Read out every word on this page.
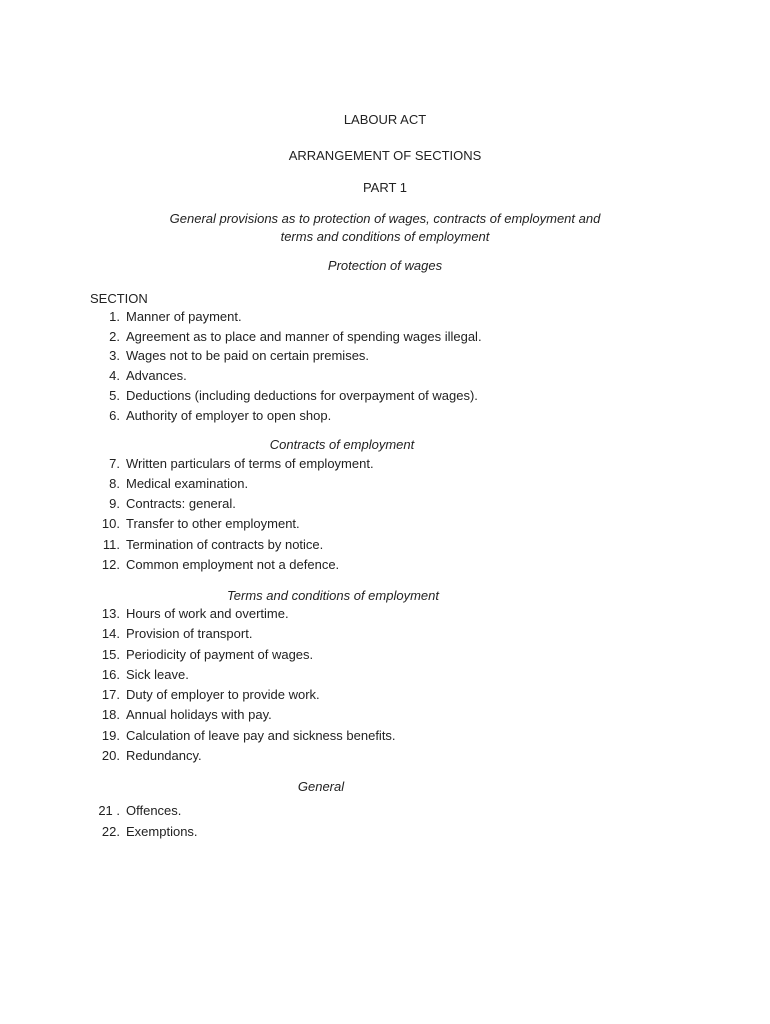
LABOUR ACT
ARRANGEMENT OF SECTIONS
PART 1
General provisions as to protection of wages, contracts of employment and
terms and conditions of employment
Protection of wages
SECTION
1. Manner of payment.
2. Agreement as to place and manner of spending wages illegal.
3. Wages not to be paid on certain premises.
4. Advances.
5. Deductions (including deductions for overpayment of wages).
6. Authority of employer to open shop.
Contracts of employment
7. Written particulars of terms of employment.
8. Medical examination.
9. Contracts: general.
10. Transfer to other employment.
11. Termination of contracts by notice.
12. Common employment not a defence.
Terms and conditions of employment
13. Hours of work and overtime.
14. Provision of transport.
15. Periodicity of payment of wages.
16. Sick leave.
17. Duty of employer to provide work.
18. Annual holidays with pay.
19. Calculation of leave pay and sickness benefits.
20. Redundancy.
General
21 . Offences.
22. Exemptions.
